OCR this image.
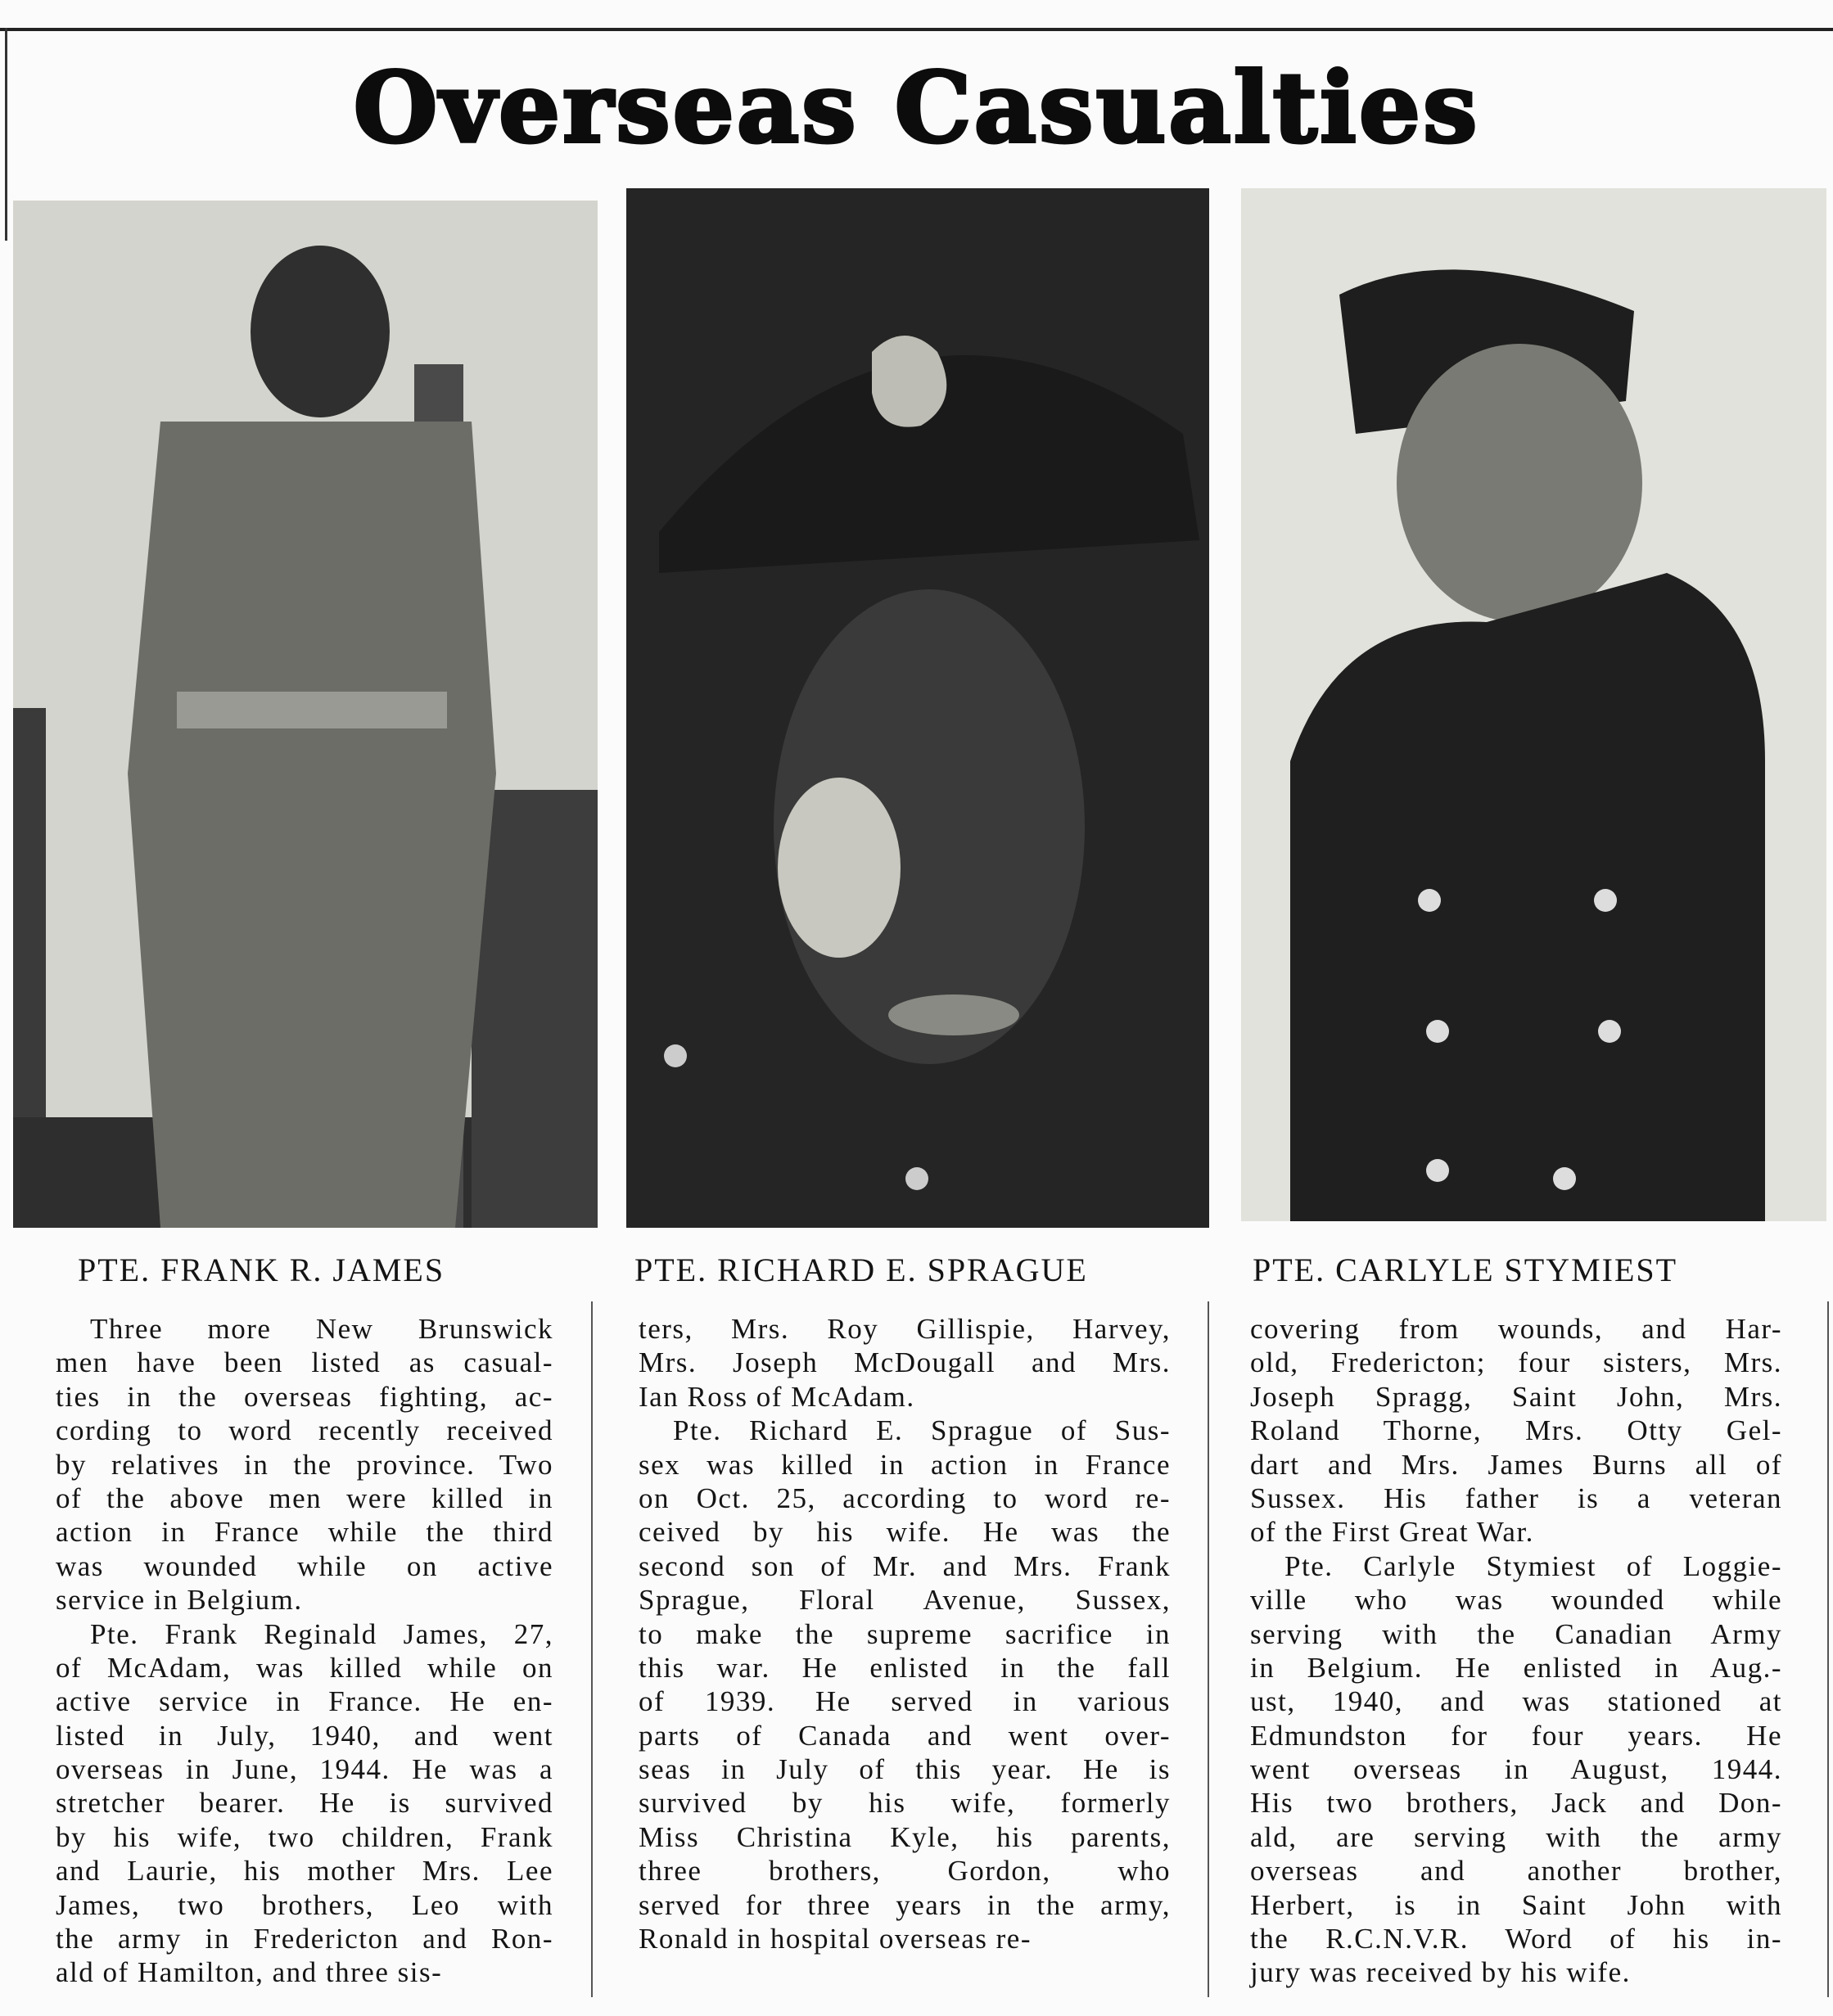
Overseas Casualties
PTE. FRANK R. JAMES	PTE. RICHARD E. SPRAGUE	PTE. CARLYLE STYMIEST
Three more New Brunswick
men have been listed as casual-
ties in the overseas fighting, ac-
cording to word recently received
by relatives in the province. Two
of the above men were killed in
action in France while the third
was wounded while on active
service in Belgium.
Pte. Frank Reginald James, 27,
of McAdam, was killed while on
active service in France. He en-
listed in July, 1940, and went
overseas in June, 1944. He was a
stretcher bearer. He is survived
by his wife, two children, Frank
and Laurie, his mother Mrs. Lee
James, two brothers, Leo with
the army in Fredericton and Ron-
ald of Hamilton, and three sis-
ters, Mrs. Roy Gillispie, Harvey,
Mrs. Joseph McDougall and Mrs.
Ian Ross of McAdam.
Pte. Richard E. Sprague of Sus-
sex was killed in action in France
on Oct. 25, according to word re-
ceived by his wife. He was the
second son of Mr. and Mrs. Frank
Sprague, Floral Avenue, Sussex,
to make the supreme sacrifice in
this war. He enlisted in the fall
of 1939. He served in various
parts of Canada and went over-
seas in July of this year. He is
survived by his wife, formerly
Miss Christina Kyle, his parents,
three brothers, Gordon, who
served for three years in the army,
Ronald in hospital overseas re-
covering from wounds, and Har-
old, Fredericton; four sisters, Mrs.
Joseph Spragg, Saint John, Mrs.
Roland Thorne, Mrs. Otty Gel-
dart and Mrs. James Burns all of
Sussex. His father is a veteran
of the First Great War.
Pte. Carlyle Stymiest of Loggie-
ville who was wounded while
serving with the Canadian Army
in Belgium. He enlisted in Aug.-
ust, 1940, and was stationed at
Edmundston for four years. He
went overseas in August, 1944.
His two brothers, Jack and Don-
ald, are serving with the army
overseas and another brother,
Herbert, is in Saint John with
the R.C.N.V.R. Word of his in-
jury was received by his wife.
